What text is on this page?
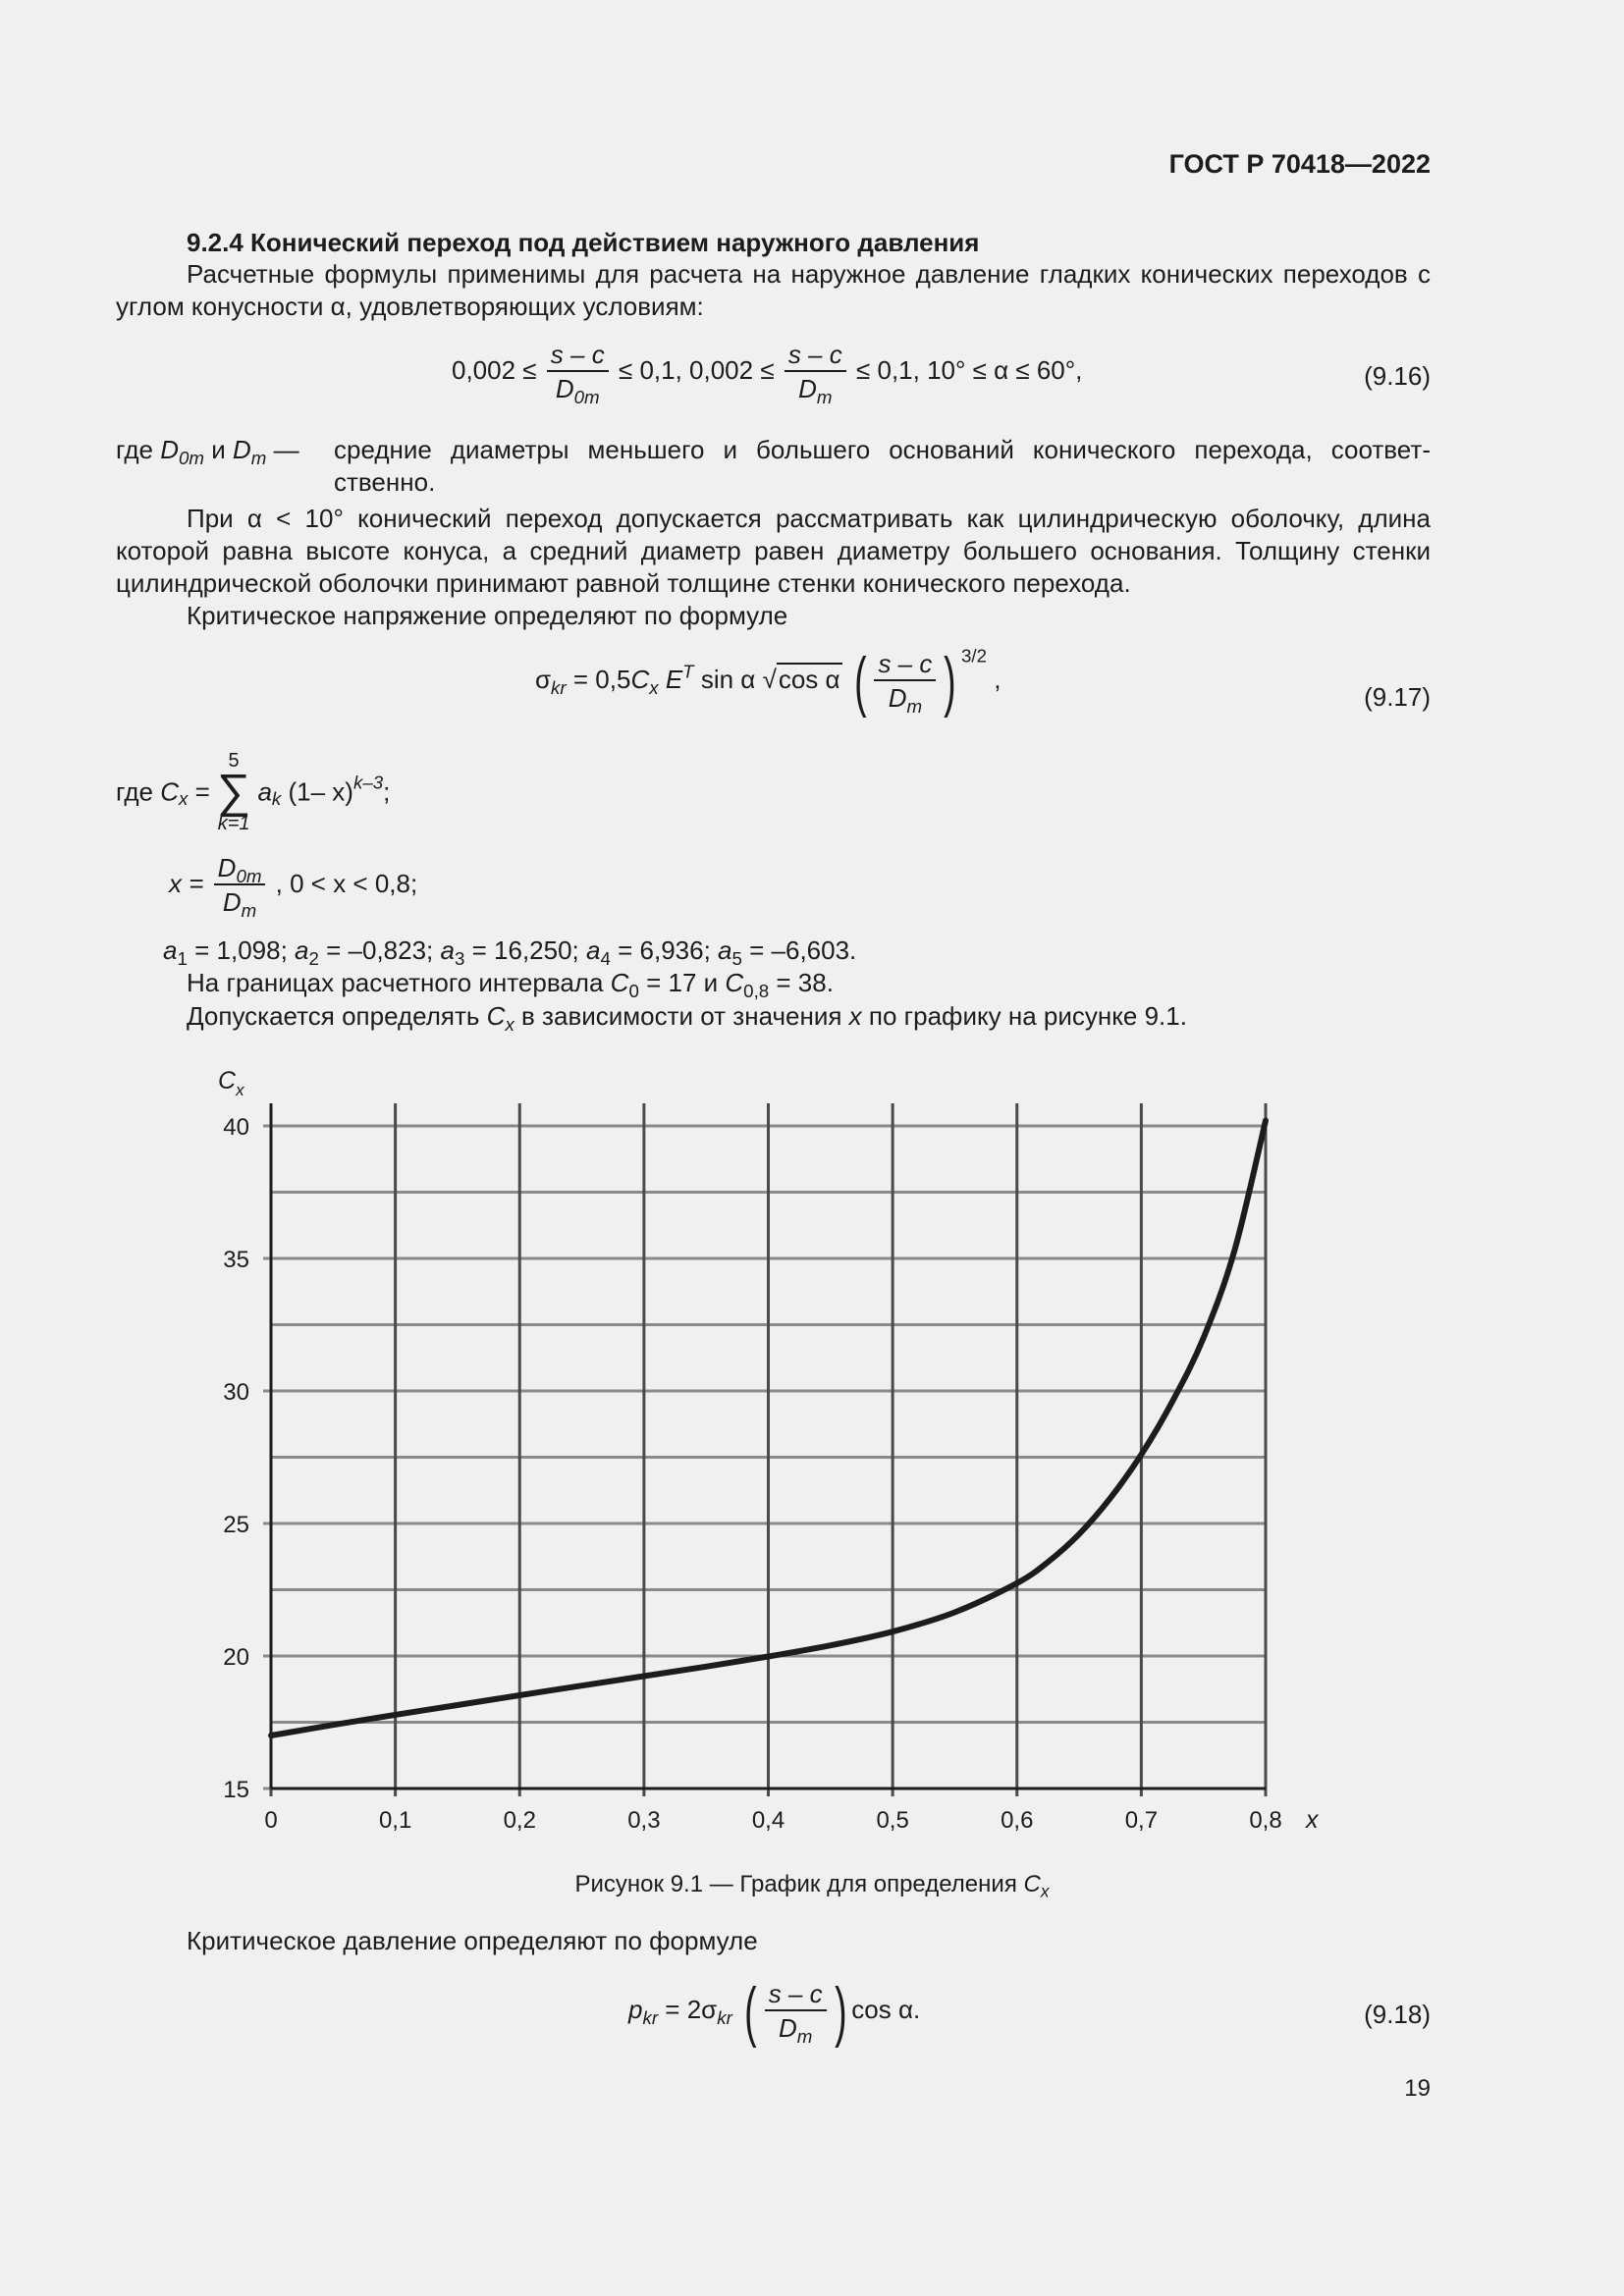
ГОСТ Р 70418—2022
9.2.4 Конический переход под действием наружного давления
Расчетные формулы применимы для расчета на наружное давление гладких конических переходов с углом конусности α, удовлетворяющих условиям:
$0,002 \le \frac{s - c}{D_{0m}} \le 0,1$, $0,002 \le \frac{s - c}{D_m} \le 0,1$, 10° ≤ α ≤ 60°,	(9.16)
где $D_{0m}$ и $D_m$ — средние диаметры меньшего и большего оснований конического перехода, соответственно.
При α < 10° конический переход допускается рассматривать как цилиндрическую оболочку, длина которой равна высоте конуса, а средний диаметр равен диаметру большего основания. Толщину стенки цилиндрической оболочки принимают равной толщине стенки конического перехода.
Критическое напряжение определяют по формуле
$\sigma_{kr} = 0,5C_x$ $E^T$ sin α √cos α ( $\frac{s - c}{D_m}$ ) $^{3/2}$ ,
(9.17)
где $C_x$ =
5
∑
k=1
$a_k$ (1– x)$^{k-3}$;
$x = \frac{D_{0m}}{D_m}$ , 0 < x < 0,8;
$a_1 = 1,098$; $a_2 = -0,823$; $a_3 = 16,250$; $a_4 = 6,936$; $a_5 = -6,603$.
На границах расчетного интервала $C_0 = 17$ и $C_{0,8} = 38$.
Допускается определять $C_x$ в зависимости от значения x по графику на рисунке 9.1.
15
20
25
30
35
40
0	0,1	0,2	0,3	0,4	0,5	0,6	0,7	0,8
$C_x$
x
Рисунок 9.1 — График для определения $C_x$
Критическое давление определяют по формуле
$p_{kr} = 2\sigma_{kr}$ ( $\frac{s - c}{D_m}$ ) cos α.	(9.18)
19
